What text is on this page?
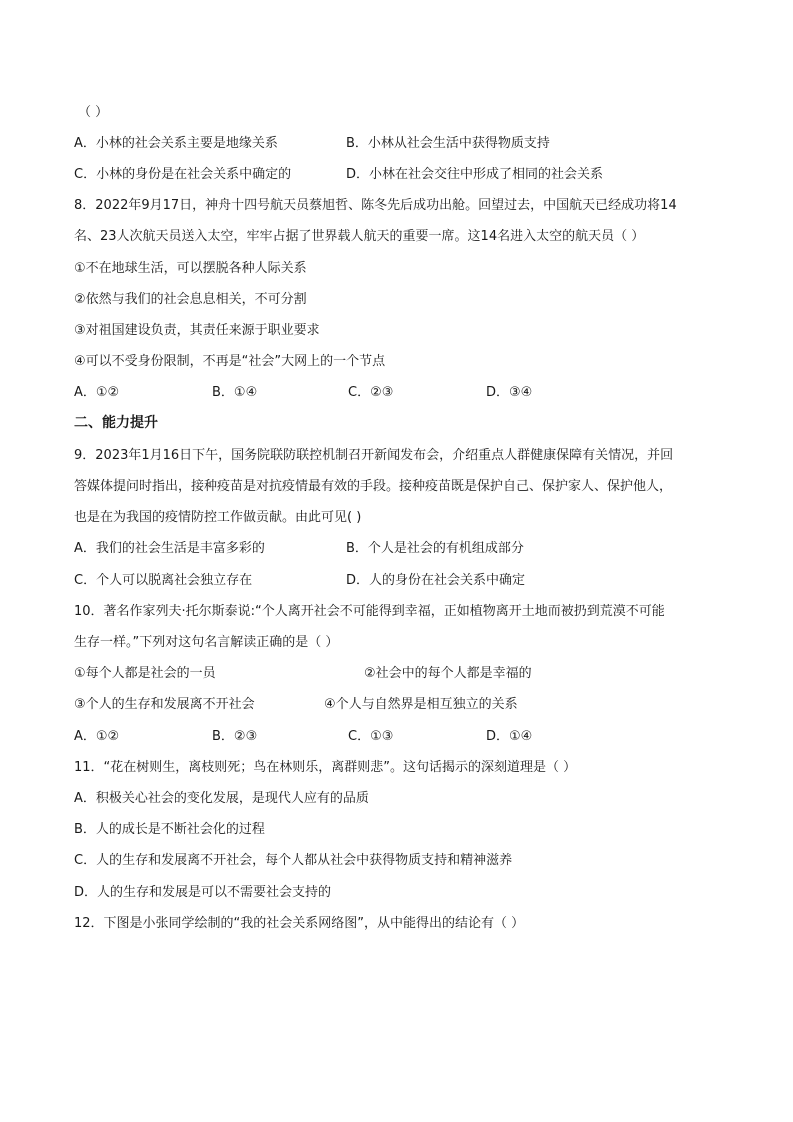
（ ）
A．小林的社会关系主要是地缘关系	B．小林从社会生活中获得物质支持
C．小林的身份是在社会关系中确定的	D．小林在社会交往中形成了相同的社会关系
8．2022年9月17日，神舟十四号航天员蔡旭哲、陈冬先后成功出舱。回望过去，中国航天已经成功将14
名、23人次航天员送入太空，牢牢占据了世界载人航天的重要一席。这14名进入太空的航天员（ ）
①不在地球生活，可以摆脱各种人际关系
②依然与我们的社会息息相关，不可分割
③对祖国建设负责，其责任来源于职业要求
④可以不受身份限制，不再是“社会”大网上的一个节点
A．①②	B．①④	C．②③	D．③④
二、能力提升
9．2023年1月16日下午，国务院联防联控机制召开新闻发布会，介绍重点人群健康保障有关情况，并回
答媒体提问时指出，接种疫苗是对抗疫情最有效的手段。接种疫苗既是保护自己、保护家人、保护他人，
也是在为我国的疫情防控工作做贡献。由此可见( )
A．我们的社会生活是丰富多彩的	B．个人是社会的有机组成部分
C．个人可以脱离社会独立存在	D．人的身份在社会关系中确定
10．著名作家列夫·托尔斯泰说:“个人离开社会不可能得到幸福，正如植物离开土地而被扔到荒漠不可能
生存一样。”下列对这句名言解读正确的是（ ）
①每个人都是社会的一员	②社会中的每个人都是幸福的
③个人的生存和发展离不开社会	④个人与自然界是相互独立的关系
A．①②	B．②③	C．①③	D．①④
11．“花在树则生，离枝则死；鸟在林则乐，离群则悲”。这句话揭示的深刻道理是（ ）
A．积极关心社会的变化发展，是现代人应有的品质
B．人的成长是不断社会化的过程
C．人的生存和发展离不开社会，每个人都从社会中获得物质支持和精神滋养
D．人的生存和发展是可以不需要社会支持的
12．下图是小张同学绘制的“我的社会关系网络图”，从中能得出的结论有（ ）
